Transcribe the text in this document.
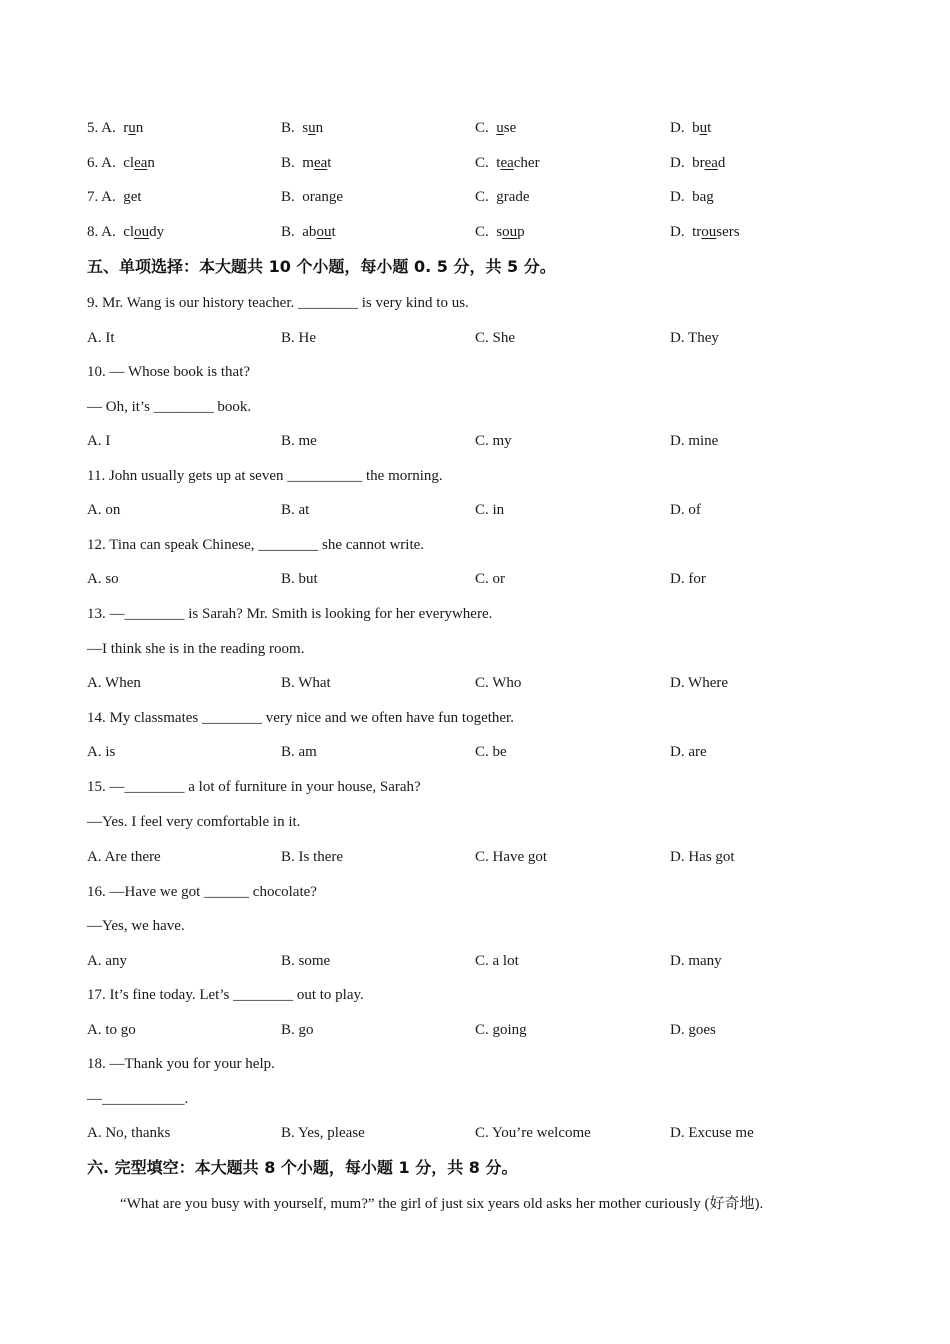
5. A. run	B. sun	C. use	D. but
6. A. clean	B. meat	C. teacher	D. bread
7. A. get	B. orange	C. grade	D. bag
8. A. cloudy	B. about	C. soup	D. trousers
五、单项选择：本大题共 10 个小题，每小题 0. 5 分，共 5 分。
9. Mr. Wang is our history teacher. ________ is very kind to us.
A. It	B. He	C. She	D. They
10. — Whose book is that?
— Oh, it’s ________ book.
A. I	B. me	C. my	D. mine
11. John usually gets up at seven __________ the morning.
A. on	B. at	C. in	D. of
12. Tina can speak Chinese, ________ she cannot write.
A. so	B. but	C. or	D. for
13. —________ is Sarah? Mr. Smith is looking for her everywhere.
—I think she is in the reading room.
A. When	B. What	C. Who	D. Where
14. My classmates ________ very nice and we often have fun together.
A. is	B. am	C. be	D. are
15. —________ a lot of furniture in your house, Sarah?
—Yes. I feel very comfortable in it.
A. Are there	B. Is there	C. Have got	D. Has got
16. —Have we got ______ chocolate?
—Yes, we have.
A. any	B. some	C. a lot	D. many
17. It’s fine today. Let’s ________ out to play.
A. to go	B. go	C. going	D. goes
18. —Thank you for your help.
—___________.
A. No, thanks	B. Yes, please	C. You’re welcome	D. Excuse me
六. 完型填空：本大题共 8 个小题，每小题 1 分，共 8 分。
“What are you busy with yourself, mum?” the girl of just six years old asks her mother curiously (好奇地).
